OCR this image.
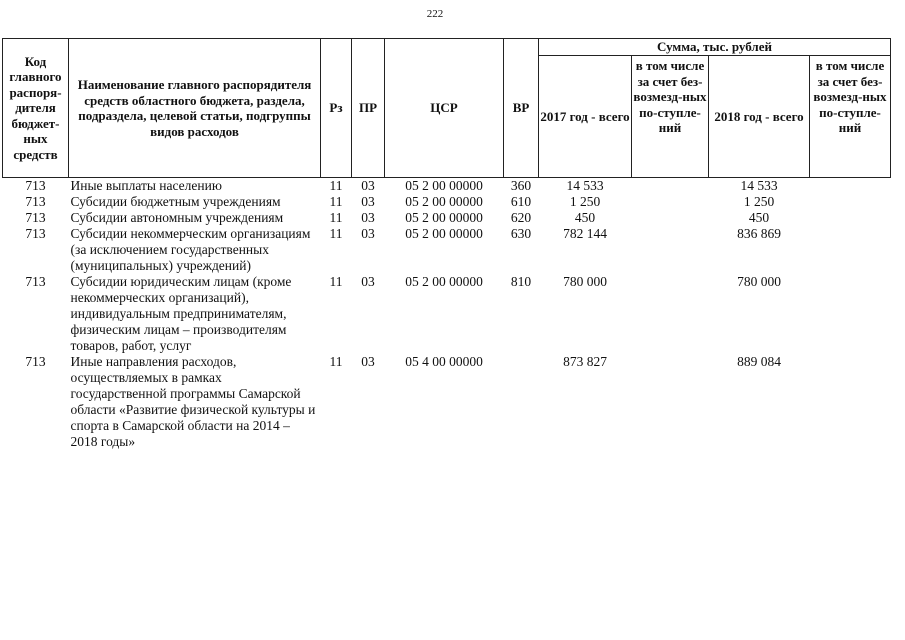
222
Код главного распоря-дителя бюджет-ных средств	Наименование главного распорядителя средств областного бюджета, раздела, подраздела, целевой статьи, подгруппы видов расходов	Рз	ПР	ЦСР	ВР	Сумма, тыс. рублей			
						2017 год - всего	в том числе за счет без-возмезд-ных по-ступле-ний	2018 год - всего	в том числе за счет без-возмезд-ных по-ступле-ний
713	Иные выплаты населению	11	03	05 2 00 00000	360	14 533		14 533	
713	Субсидии бюджетным учреждениям	11	03	05 2 00 00000	610	1 250		1 250	
713	Субсидии автономным учреждениям	11	03	05 2 00 00000	620	450		450	
713	Субсидии некоммерческим организациям (за исключением государственных (муниципальных) учреждений)	11	03	05 2 00 00000	630	782 144		836 869	
713	Субсидии юридическим лицам (кроме некоммерческих организаций), индивидуальным предпринимателям, физическим лицам – производителям товаров, работ, услуг	11	03	05 2 00 00000	810	780 000		780 000	
713	Иные направления расходов, осуществляемых в рамках государственной программы Самарской области «Развитие физической культуры и спорта в Самарской области на 2014 – 2018 годы»	11	03	05 4 00 00000		873 827		889 084	
